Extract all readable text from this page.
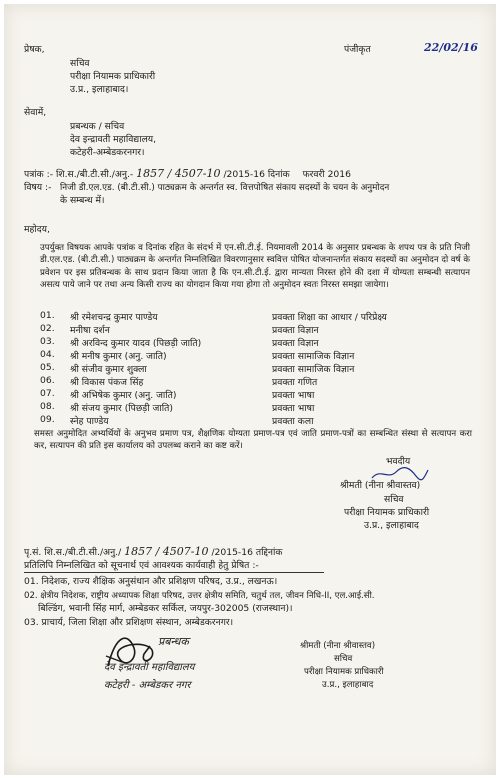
प्रेषक,
सचिव
परीक्षा नियामक प्राधिकारी
उ.प्र., इलाहाबाद।
पंजीकृत	22/02/16
सेवामें,
प्रबन्धक / सचिव
देव इन्द्रावती महाविद्यालय,
कटेहरी-अम्बेडकरनगर।
पत्रांक :- शि.स./बी.टी.सी./अनु.- 1857 / 4507-10 /2015-16 दिनांक फरवरी 2016
विषय :- निजी डी.एल.एड. (बी.टी.सी.) पाठ्यक्रम के अन्तर्गत स्व. वित्तपोषित संकाय सदस्यों के चयन के अनुमोदन
के सम्बन्ध में।
महोदय,
उपर्युक्त विषयक आपके पत्रांक व दिनांक रहित के संदर्भ में एन.सी.टी.ई. नियमावली 2014 के अनुसार प्रबन्धक के शपथ पत्र के प्रति निजी डी.एल.एड. (बी.टी.सी.) पाठ्यक्रम के अन्तर्गत निम्नलिखित विवरणानुसार स्ववित्त पोषित योजनान्तर्गत संकाय सदस्यों का अनुमोदन दो वर्ष के प्रवेशन पर इस प्रतिबन्धक के साथ प्रदान किया जाता है कि एन.सी.टी.ई. द्वारा मान्यता निरस्त होने की दशा में योग्यता सम्बन्धी सत्यापन असत्य पाये जाने पर तथा अन्य किसी राज्य का योगदान किया गया होगा तो अनुमोदन स्वतः निरस्त समझा जायेगा।
01. श्री रमेशचन्द्र कुमार पाण्डेय	प्रवक्ता शिक्षा का आधार / परिप्रेक्ष्य
02. मनीषा दर्शन	प्रवक्ता विज्ञान
03. श्री अरविन्द कुमार यादव (पिछड़ी जाति)	प्रवक्ता विज्ञान
04. श्री मनीष कुमार (अनु. जाति)	प्रवक्ता सामाजिक विज्ञान
05. श्री संजीव कुमार शुक्ला	प्रवक्ता सामाजिक विज्ञान
06. श्री विकास पंकज सिंह	प्रवक्ता गणित
07. श्री अभिषेक कुमार (अनु. जाति)	प्रवक्ता भाषा
08. श्री संजय कुमार (पिछड़ी जाति)	प्रवक्ता भाषा
09. स्नेह पाण्डेय	प्रवक्ता कला
समस्त अनुमोदित अभ्यर्थियों के अनुभव प्रमाण पत्र, शैक्षणिक योग्यता प्रमाण-पत्र एवं जाति प्रमाण-पत्रों का सम्बन्धित संस्था से सत्यापन करा कर, सत्यापन की प्रति इस कार्यालय को उपलब्ध कराने का कष्ट करें।
भवदीय
श्रीमती (नीना श्रीवास्तव)
सचिव
परीक्षा नियामक प्राधिकारी
उ.प्र., इलाहाबाद
पृ.सं. शि.स./बी.टी.सी./अनु./ 1857 / 4507-10 /2015-16 तद्दिनांक
प्रतिलिपि निम्नलिखित को सूचनार्थ एवं आवश्यक कार्यवाही हेतु प्रेषित :-
01. निदेशक, राज्य शैक्षिक अनुसंधान और प्रशिक्षण परिषद, उ.प्र., लखनऊ।
02. क्षेत्रीय निदेशक, राष्ट्रीय अध्यापक शिक्षा परिषद, उत्तर क्षेत्रीय समिति, चतुर्थ तल, जीवन निधि-II, एल.आई.सी.
बिल्डिंग, भवानी सिंह मार्ग, अम्बेडकर सर्किल, जयपुर-302005 (राजस्थान)।
03. प्राचार्य, जिला शिक्षा और प्रशिक्षण संस्थान, अम्बेडकरनगर।
श्रीमती (नीना श्रीवास्तव)
सचिव
परीक्षा नियामक प्राधिकारी
उ.प्र., इलाहाबाद
प्रबन्धक
देव इन्द्रावती महाविद्यालय
कटेहरी - अम्बेडकर नगर
